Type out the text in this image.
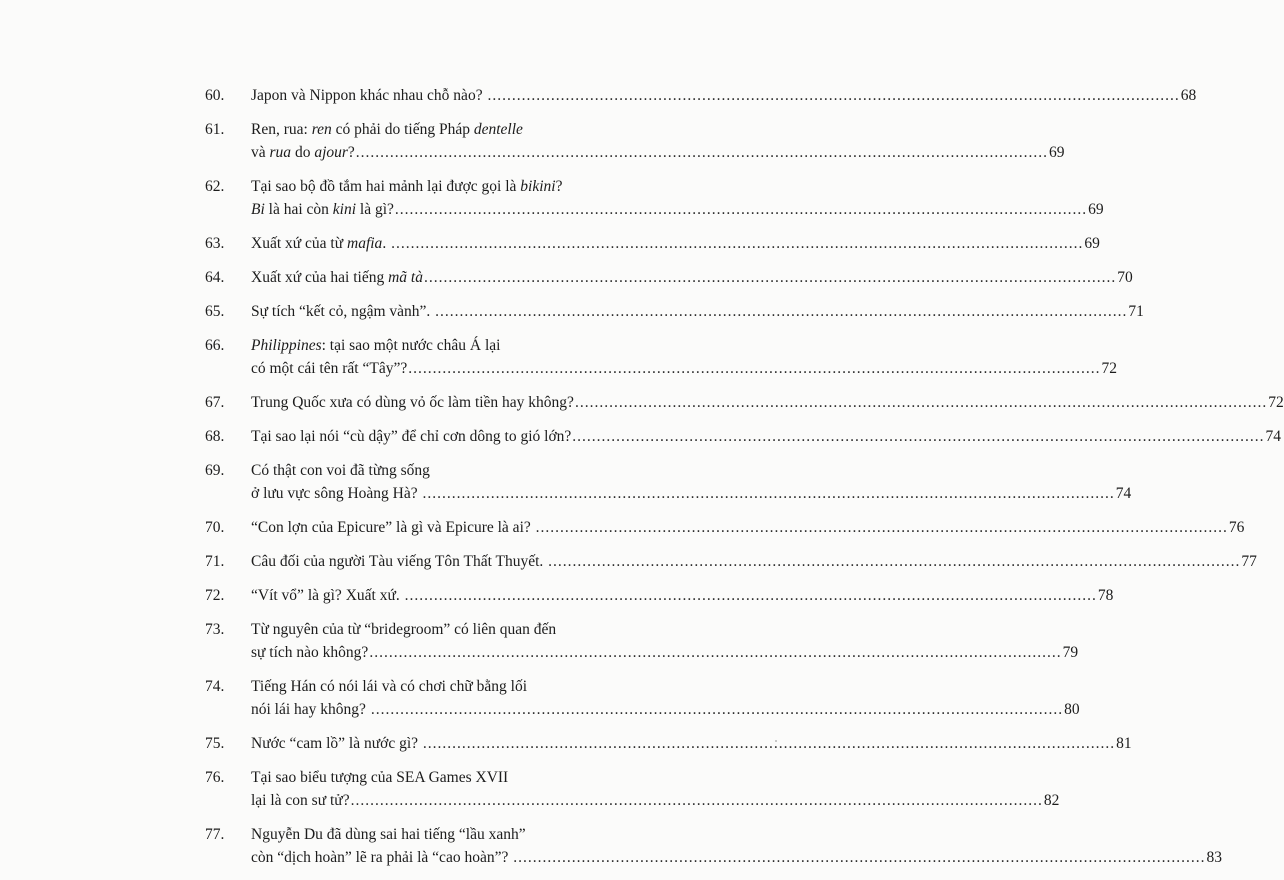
60.	Japon và Nippon khác nhau chỗ nào? .....	68
61.	Ren, rua: ren có phải do tiếng Pháp dentelle
và rua do ajour ? .....	69
62.	Tại sao bộ đồ tắm hai mảnh lại được gọi là bikini ?
Bi là hai còn kini là gì? .....	69
63.	Xuất xứ của từ mafia . .....	69
64.	Xuất xứ của hai tiếng mã tà .....	70
65.	Sự tích “kết cỏ, ngậm vành”. .....	71
66.	Philippines : tại sao một nước châu Á lại
có một cái tên rất “Tây”? .....	72
67.	Trung Quốc xưa có dùng vỏ ốc làm tiền hay không? .....	72
68.	Tại sao lại nói “cù dậy” để chỉ cơn dông to gió lớn? .....	74
69.	Có thật con voi đã từng sống
ở lưu vực sông Hoàng Hà? .....	74
70.	“Con lợn của Epicure” là gì và Epicure là ai? .....	76
71.	Câu đối của người Tàu viếng Tôn Thất Thuyết. .....	77
72.	“Vít vổ” là gì? Xuất xứ. .....	78
73.	Từ nguyên của từ “bridegroom” có liên quan đến
sự tích nào không? .....	79
74.	Tiếng Hán có nói lái và có chơi chữ bằng lối
nói lái hay không? .....	80
75.	Nước “cam lồ” là nước gì? .....	81
76.	Tại sao biểu tượng của SEA Games XVII
lại là con sư tử? .....	82
77.	Nguyễn Du đã dùng sai hai tiếng “lầu xanh”
còn “dịch hoàn” lẽ ra phải là “cao hoàn”? .....	83
